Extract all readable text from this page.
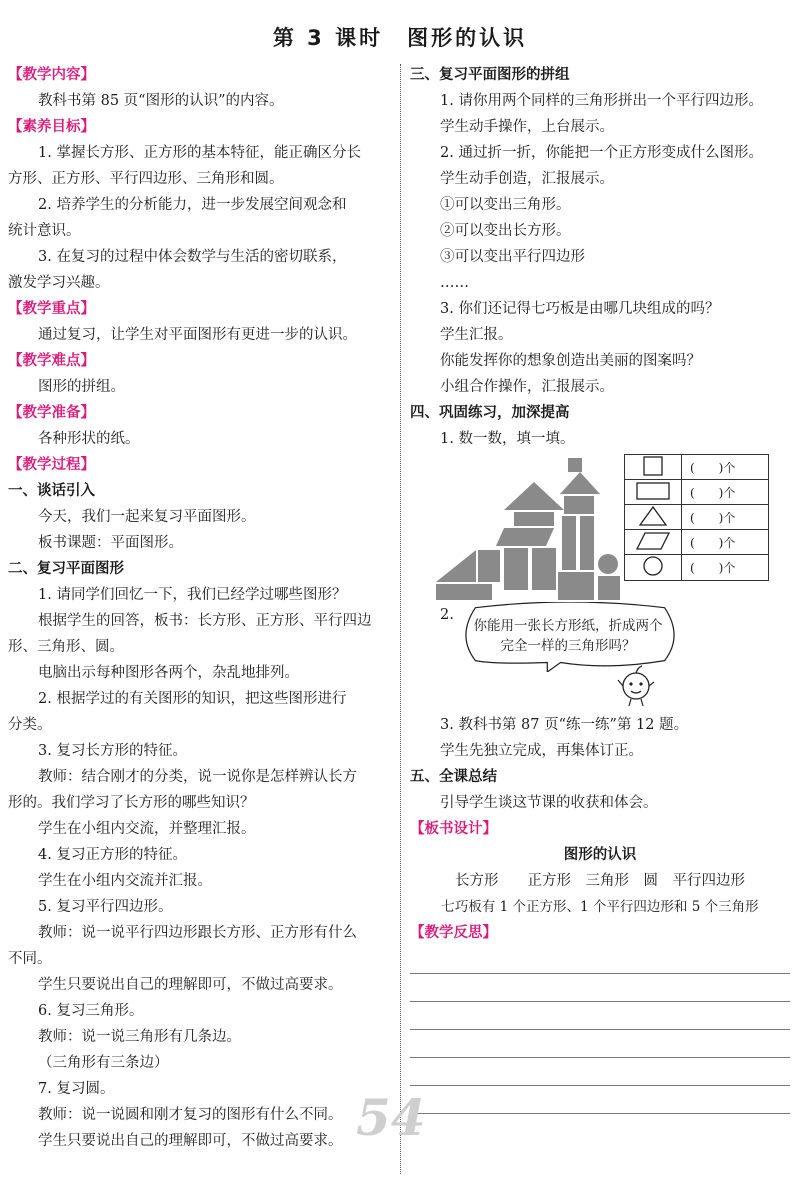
第 3 课时　图形的认识
【教学内容】
教科书第 85 页“图形的认识”的内容。
【素养目标】
1. 掌握长方形、正方形的基本特征，能正确区分长
方形、正方形、平行四边形、三角形和圆。
2. 培养学生的分析能力，进一步发展空间观念和
统计意识。
3. 在复习的过程中体会数学与生活的密切联系，
激发学习兴趣。
【教学重点】
通过复习，让学生对平面图形有更进一步的认识。
【教学难点】
图形的拼组。
【教学准备】
各种形状的纸。
【教学过程】
一、谈话引入
今天，我们一起来复习平面图形。
板书课题：平面图形。
二、复习平面图形
1. 请同学们回忆一下，我们已经学过哪些图形？
根据学生的回答，板书：长方形、正方形、平行四边
形、三角形、圆。
电脑出示每种图形各两个，杂乱地排列。
2. 根据学过的有关图形的知识，把这些图形进行
分类。
3. 复习长方形的特征。
教师：结合刚才的分类，说一说你是怎样辨认长方
形的。我们学习了长方形的哪些知识？
学生在小组内交流，并整理汇报。
4. 复习正方形的特征。
学生在小组内交流并汇报。
5. 复习平行四边形。
教师：说一说平行四边形跟长方形、正方形有什么
不同。
学生只要说出自己的理解即可，不做过高要求。
6. 复习三角形。
教师：说一说三角形有几条边。
（三角形有三条边）
7. 复习圆。
教师：说一说圆和刚才复习的图形有什么不同。
学生只要说出自己的理解即可，不做过高要求。
三、复习平面图形的拼组
1. 请你用两个同样的三角形拼出一个平行四边形。
学生动手操作，上台展示。
2. 通过折一折，你能把一个正方形变成什么图形。
学生动手创造，汇报展示。
①可以变出三角形。
②可以变出长方形。
③可以变出平行四边形
……
3. 你们还记得七巧板是由哪几块组成的吗？
学生汇报。
你能发挥你的想象创造出美丽的图案吗？
小组合作操作，汇报展示。
四、巩固练习，加深提高
1. 数一数，填一填。
	(　　)个
	(　　)个
	(　　)个
	(　　)个
	(　　)个
2.
你能用一张长方形纸，折成两个完全一样的三角形吗？
3. 教科书第 87 页“练一练”第 12 题。
学生先独立完成，再集体订正。
五、全课总结
引导学生谈这节课的收获和体会。
【板书设计】
图形的认识
长方形　　正方形　三角形　圆　平行四边形
七巧板有 1 个正方形、1 个平行四边形和 5 个三角形
【教学反思】
54
